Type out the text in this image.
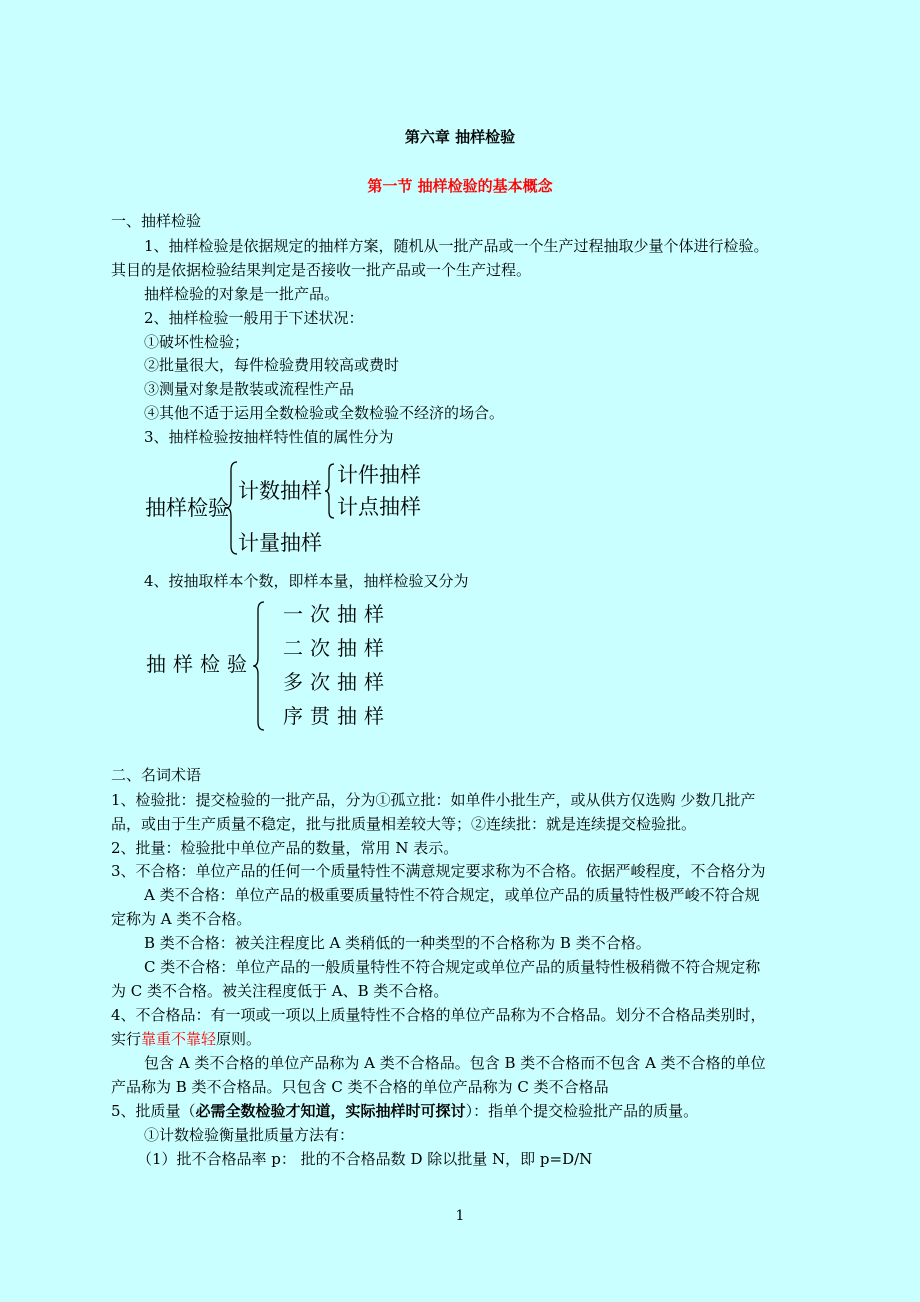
第六章 抽样检验
第一节 抽样检验的基本概念
一、抽样检验
1、抽样检验是依据规定的抽样方案，随机从一批产品或一个生产过程抽取少量个体进行检验。
其目的是依据检验结果判定是否接收一批产品或一个生产过程。
抽样检验的对象是一批产品。
2、抽样检验一般用于下述状况：
①破坏性检验；
②批量很大，每件检验费用较高或费时
③测量对象是散装或流程性产品
④其他不适于运用全数检验或全数检验不经济的场合。
3、抽样检验按抽样特性值的属性分为
抽样检验
计数抽样
计件抽样
计点抽样
计量抽样
4、按抽取样本个数，即样本量，抽样检验又分为
抽样检验
一次抽样
二次抽样
多次抽样
序贯抽样
二、名词术语
1、检验批：提交检验的一批产品，分为①孤立批：如单件小批生产，或从供方仅选购 少数几批产
品，或由于生产质量不稳定，批与批质量相差较大等；②连续批：就是连续提交检验批。
2、批量：检验批中单位产品的数量，常用 N 表示。
3、不合格：单位产品的任何一个质量特性不满意规定要求称为不合格。依据严峻程度，不合格分为
A 类不合格：单位产品的极重要质量特性不符合规定，或单位产品的质量特性极严峻不符合规
定称为 A 类不合格。
B 类不合格：被关注程度比 A 类稍低的一种类型的不合格称为 B 类不合格。
C 类不合格：单位产品的一般质量特性不符合规定或单位产品的质量特性极稍微不符合规定称
为 C 类不合格。被关注程度低于 A、B 类不合格。
4、不合格品：有一项或一项以上质量特性不合格的单位产品称为不合格品。划分不合格品类别时，
实行靠重不靠轻原则。
包含 A 类不合格的单位产品称为 A 类不合格品。包含 B 类不合格而不包含 A 类不合格的单位
产品称为 B 类不合格品。只包含 C 类不合格的单位产品称为 C 类不合格品
5、批质量（必需全数检验才知道，实际抽样时可探讨）：指单个提交检验批产品的质量。
①计数检验衡量批质量方法有：
（1）批不合格品率 p： 批的不合格品数 D 除以批量 N，即 p=D/N
1
